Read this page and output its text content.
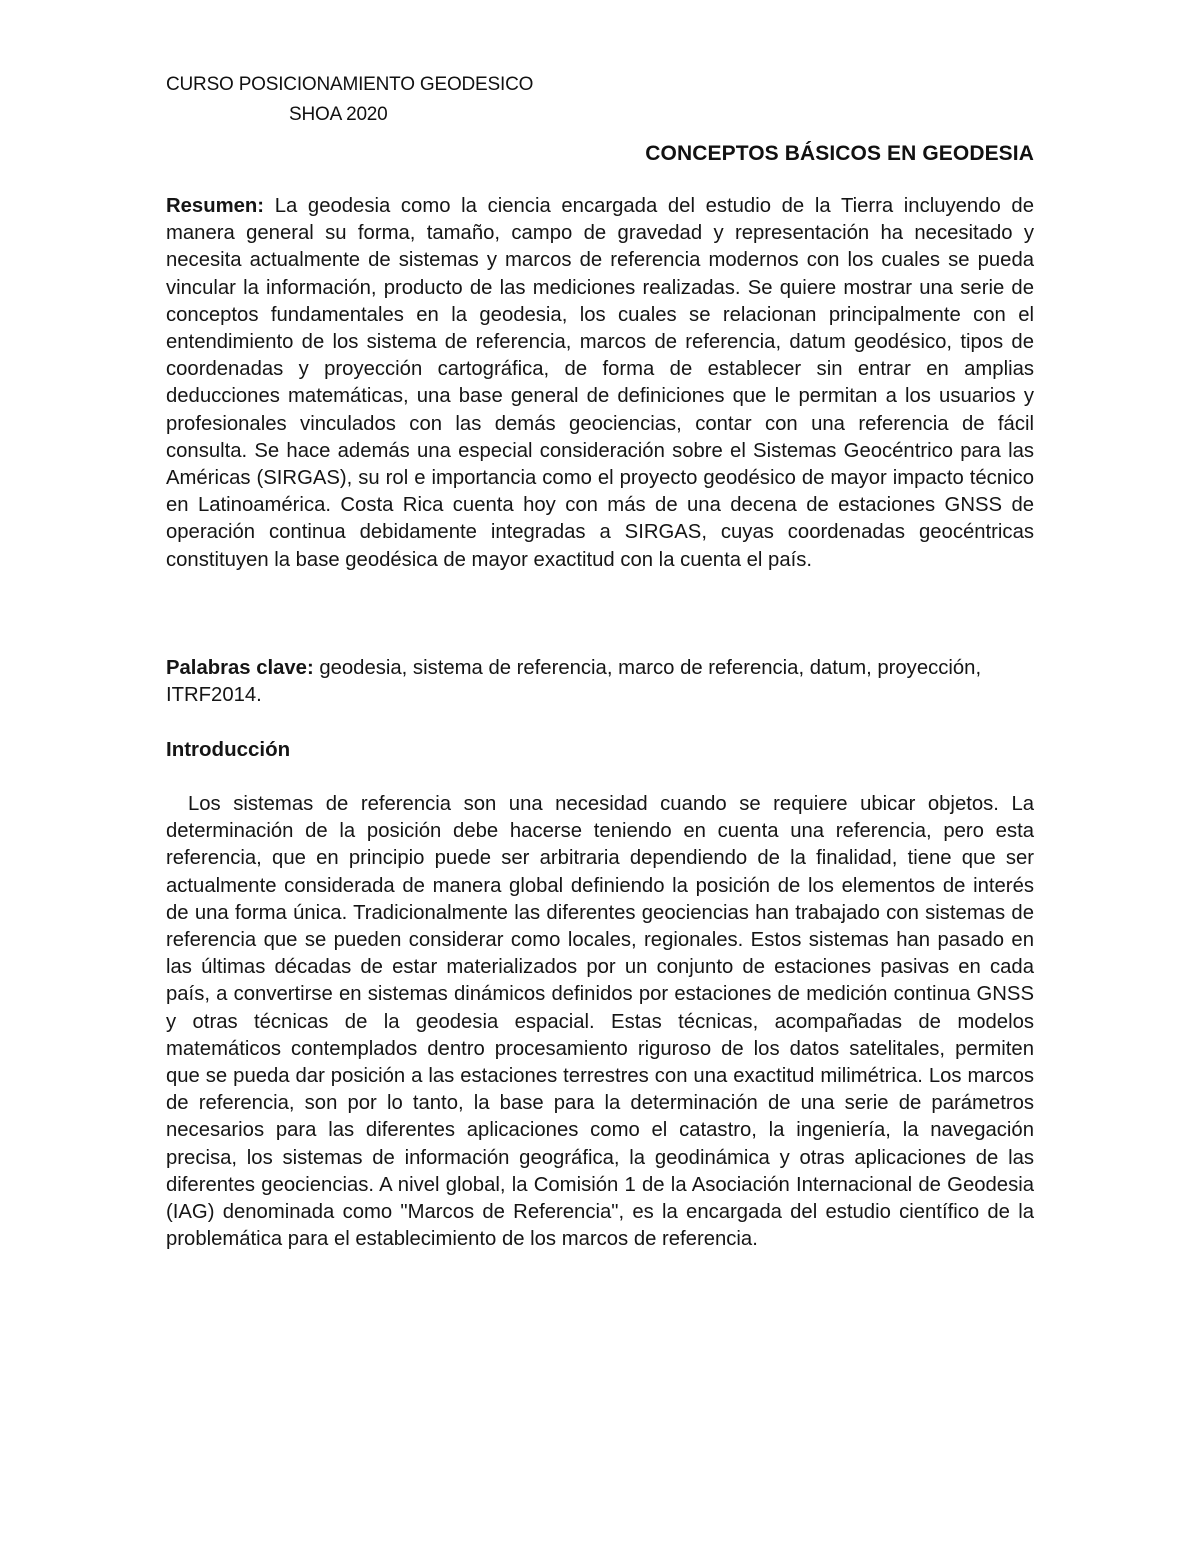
CURSO POSICIONAMIENTO GEODESICO
SHOA 2020
CONCEPTOS BÁSICOS EN GEODESIA

Resumen: La geodesia como la ciencia encargada del estudio de la Tierra incluyendo de manera general su forma, tamaño, campo de gravedad y representación ha necesitado y necesita actualmente de sistemas y marcos de referencia modernos con los cuales se pueda vincular la información, producto de las mediciones realizadas. Se quiere mostrar una serie de conceptos fundamentales en la geodesia, los cuales se relacionan principalmente con el entendimiento de los sistema de referencia, marcos de referencia, datum geodésico, tipos de coordenadas y proyección cartográfica, de forma de establecer sin entrar en amplias deducciones matemáticas, una base general de definiciones que le permitan a los usuarios y profesionales vinculados con las demás geociencias, contar con una referencia de fácil consulta. Se hace además una especial consideración sobre el Sistemas Geocéntrico para las Américas (SIRGAS), su rol e importancia como el proyecto geodésico de mayor impacto técnico en Latinoamérica. Costa Rica cuenta hoy con más de una decena de estaciones GNSS de operación continua debidamente integradas a SIRGAS, cuyas coordenadas geocéntricas constituyen la base geodésica de mayor exactitud con la cuenta el país.

Palabras clave: geodesia, sistema de referencia, marco de referencia, datum, proyección, ITRF2014.

Introducción

Los sistemas de referencia son una necesidad cuando se requiere ubicar objetos. La determinación de la posición debe hacerse teniendo en cuenta una referencia, pero esta referencia, que en principio puede ser arbitraria dependiendo de la finalidad, tiene que ser actualmente considerada de manera global definiendo la posición de los elementos de interés de una forma única. Tradicionalmente las diferentes geociencias han trabajado con sistemas de referencia que se pueden considerar como locales, regionales. Estos sistemas han pasado en las últimas décadas de estar materializados por un conjunto de estaciones pasivas en cada país, a convertirse en sistemas dinámicos definidos por estaciones de medición continua GNSS y otras técnicas de la geodesia espacial. Estas técnicas, acompañadas de modelos matemáticos contemplados dentro procesamiento riguroso de los datos satelitales, permiten que se pueda dar posición a las estaciones terrestres con una exactitud milimétrica. Los marcos de referencia, son por lo tanto, la base para la determinación de una serie de parámetros necesarios para las diferentes aplicaciones como el catastro, la ingeniería, la navegación precisa, los sistemas de información geográfica, la geodinámica y otras aplicaciones de las diferentes geociencias. A nivel global, la Comisión 1 de la Asociación Internacional de Geodesia (IAG) denominada como "Marcos de Referencia", es la encargada del estudio científico de la problemática para el establecimiento de los marcos de referencia.
